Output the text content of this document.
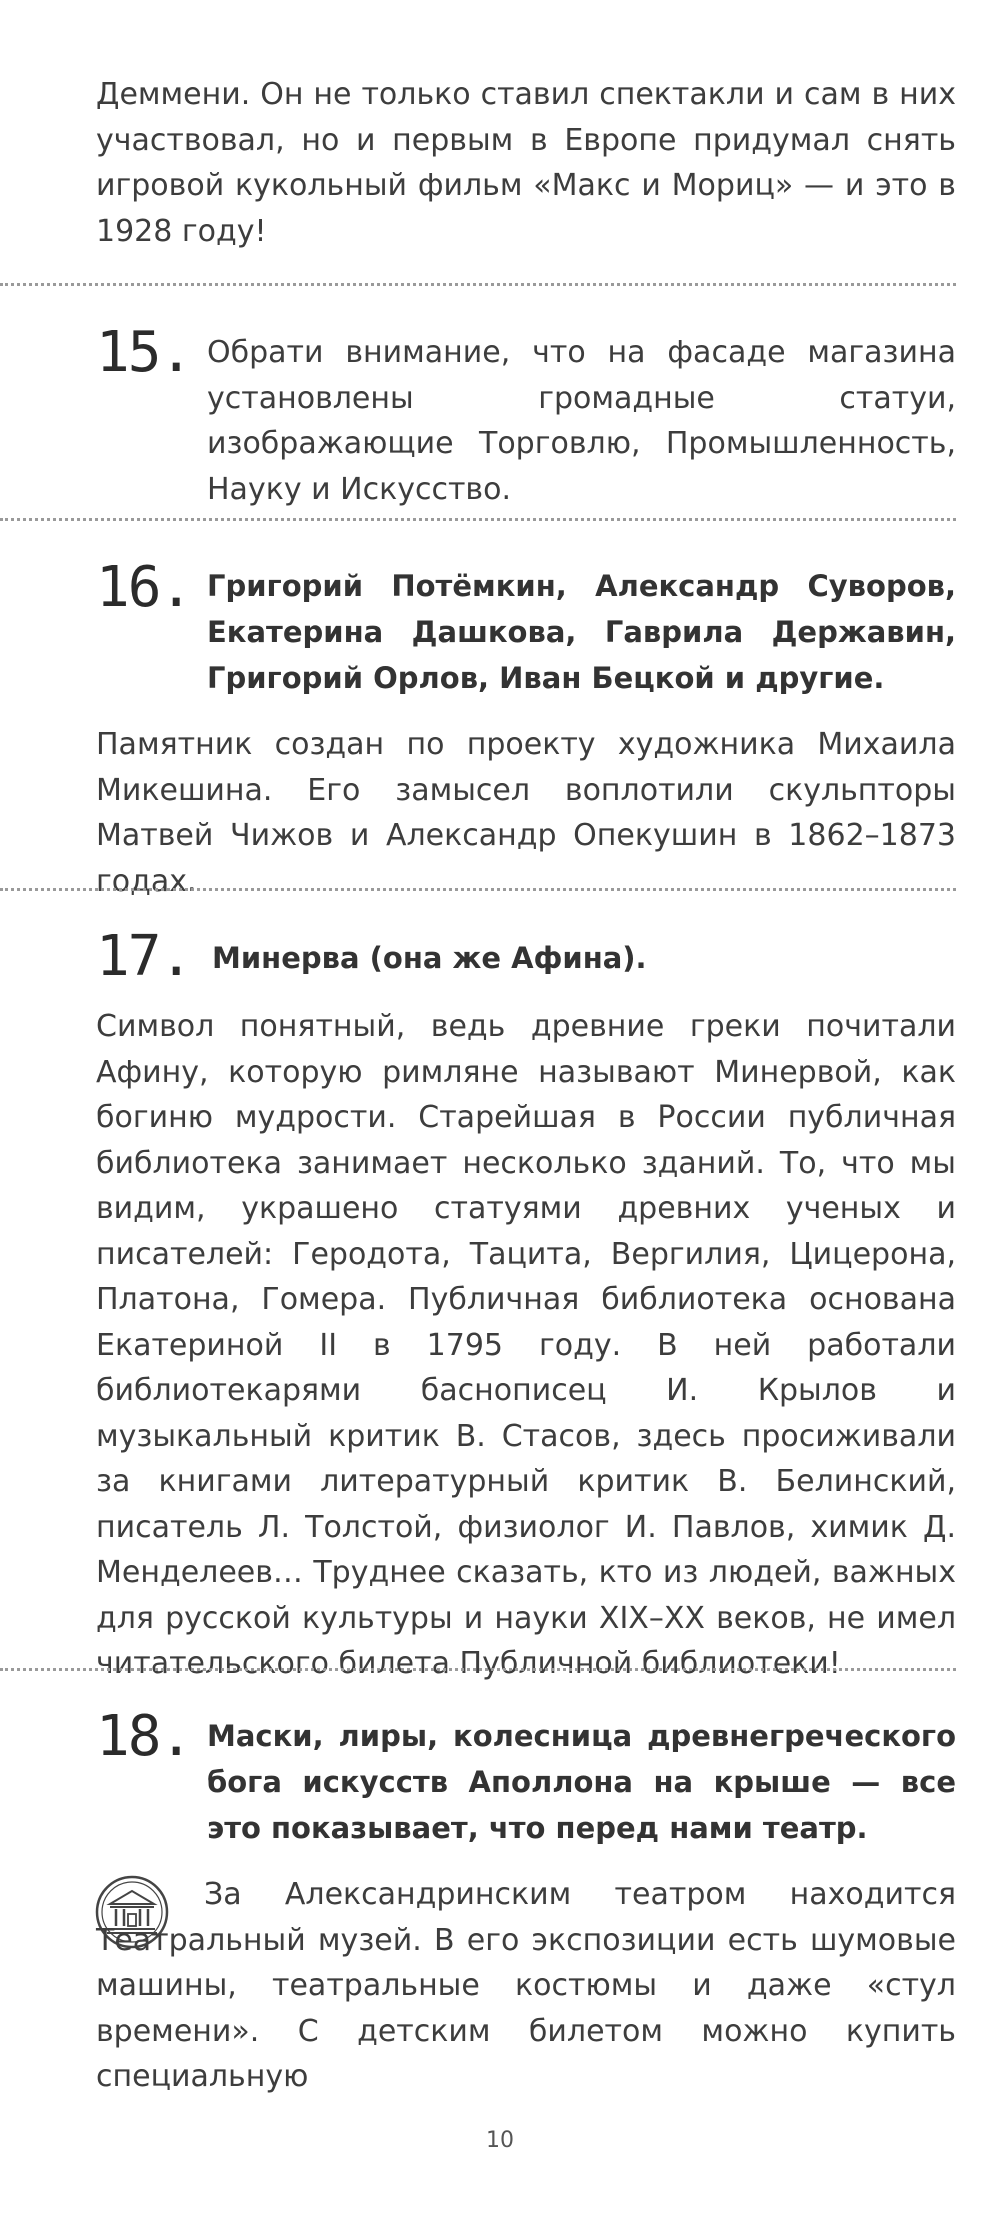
Деммени. Он не только ставил спектакли и сам в них участвовал, но и первым в Европе придумал снять игровой кукольный фильм «Макс и Мориц» — и это в 1928 году!

15. Обрати внимание, что на фасаде магазина установлены громадные статуи, изображающие Торговлю, Промышленность, Науку и Искусство.

16. Григорий Потёмкин, Александр Суворов, Екатерина Дашкова, Гаврила Державин, Григорий Орлов, Иван Бецкой и другие.

Памятник создан по проекту художника Михаила Микешина. Его замысел воплотили скульпторы Матвей Чижов и Александр Опекушин в 1862–1873 годах.

17. Минерва (она же Афина).

Символ понятный, ведь древние греки почитали Афину, которую римляне называют Минервой, как богиню мудрости. Старейшая в России публичная библиотека занимает несколько зданий. То, что мы видим, украшено статуями древних ученых и писателей: Геродота, Тацита, Вергилия, Цицерона, Платона, Гомера. Публичная библиотека основана Екатериной II в 1795 году. В ней работали библиотекарями баснописец И. Крылов и музыкальный критик В. Стасов, здесь просиживали за книгами литературный критик В. Белинский, писатель Л. Толстой, физиолог И. Павлов, химик Д. Менделеев… Труднее сказать, кто из людей, важных для русской культуры и науки XIX–XX веков, не имел читательского билета Публичной библиотеки!

18. Маски, лиры, колесница древнегреческого бога искусств Аполлона на крыше — все это показывает, что перед нами театр.

За Александринским театром находится Театральный музей. В его экспозиции есть шумовые машины, театральные костюмы и даже «стул времени». С детским билетом можно купить специальную

10
